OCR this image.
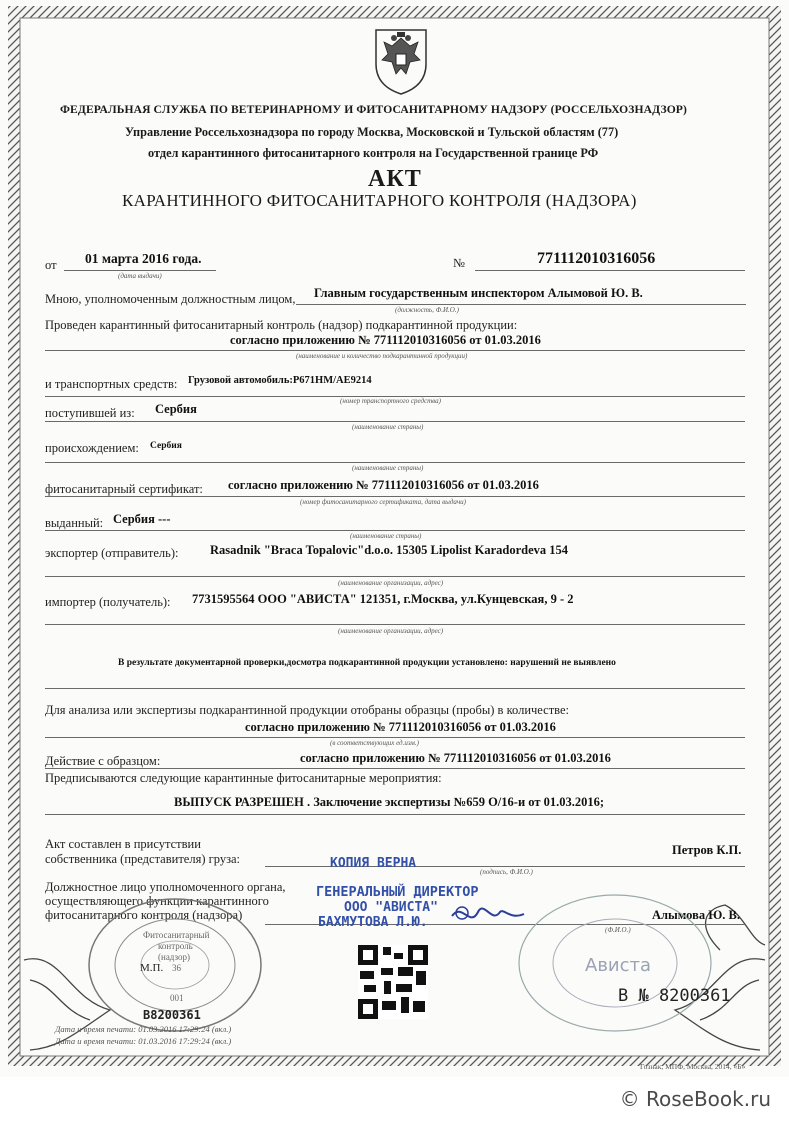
ФЕДЕРАЛЬНАЯ СЛУЖБА ПО ВЕТЕРИНАРНОМУ И ФИТОСАНИТАРНОМУ НАДЗОРУ (РОССЕЛЬХОЗНАДЗОР)
Управление Россельхознадзора по городу Москва, Московской и Тульской областям (77)
отдел карантинного фитосанитарного контроля на Государственной границе РФ
АКТ
КАРАНТИННОГО ФИТОСАНИТАРНОГО КОНТРОЛЯ (НАДЗОРА)
от 01 марта 2016 года.
(дата выдачи)
№	771112010316056
Мною, уполномоченным должностным лицом, Главным государственным инспектором Алымовой Ю. В.
(должность, Ф.И.О.)
Проведен карантинный фитосанитарный контроль (надзор) подкарантинной продукции:
согласно приложению № 771112010316056 от 01.03.2016
(наименование и количество подкарантинной продукции)
и транспортных средств: Грузовой автомобиль:Р671НМ/АЕ9214
(номер транспортного средства)
поступившей из: Сербия
(наименование страны)
происхождением: Сербия
(наименование страны)
фитосанитарный сертификат: согласно приложению № 771112010316056 от 01.03.2016
(номер фитосанитарного сертификата, дата выдачи)
выданный: Сербия ---
(наименование страны)
экспортер (отправитель):	Rasadnik "Braca Topalovic"d.o.o. 15305 Lipolist Karadordeva 154
(наименование организации, адрес)
импортер (получатель): 7731595564 ООО "АВИСТА" 121351, г.Москва, ул.Кунцевская, 9 - 2
(наименование организации, адрес)
В результате документарной проверки,досмотра подкарантинной продукции установлено: нарушений не выявлено
Для анализа или экспертизы подкарантинной продукции отобраны образцы (пробы) в количестве:
согласно приложению № 771112010316056 от 01.03.2016
(в соответствующих ед.изм.)
Действие с образцом:	согласно приложению № 771112010316056 от 01.03.2016
Предписываются следующие карантинные фитосанитарные мероприятия:
ВЫПУСК РАЗРЕШЕН . Заключение экспертизы №659 О/16-и от 01.03.2016;
Акт составлен в присутствии
собственника (представителя) груза:
(подпись, Ф.И.О.)
Петров К.П.
Должностное лицо уполномоченного органа,
осуществляющего функции карантинного
фитосанитарного контроля (надзора)
(Ф.И.О.)
Алымова Ю. В.
КОПИЯ ВЕРНА
ГЕНЕРАЛЬНЫЙ ДИРЕКТОР
ООО "АВИСТА"
БАХМУТОВА Л.Ю.
Фитосанитарный
контроль
(надзор)
36
001
М.П.	Ависта
В № 8200361
В8200361
Дата и время печати: 01.03.2016 17:29:24 (вкл.)
Дата и время печати: 01.03.2016 17:29:24 (вкл.)
Гознак, МПФ, Москва, 2014, «Б»
© RoseBook.ru
